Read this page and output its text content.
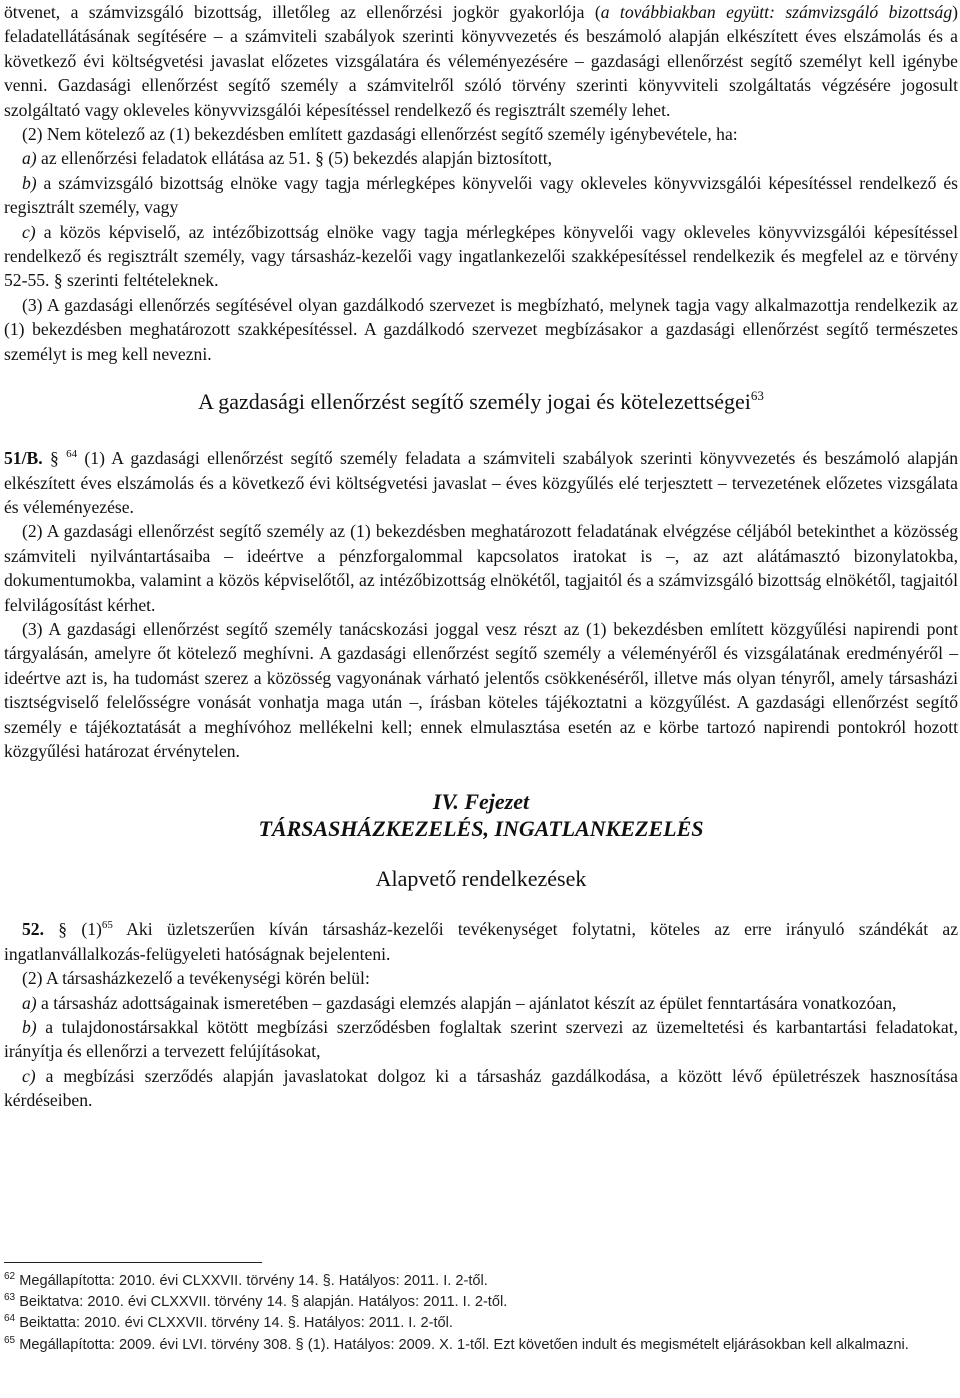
ötvenet, a számvizsgáló bizottság, illetőleg az ellenőrzési jogkör gyakorlója (a továbbiakban együtt: számvizsgáló bizottság) feladatellátásának segítésére – a számviteli szabályok szerinti könyvvezetés és beszámoló alapján elkészített éves elszámolás és a következő évi költségvetési javaslat előzetes vizsgálatára és véleményezésére – gazdasági ellenőrzést segítő személyt kell igénybe venni. Gazdasági ellenőrzést segítő személy a számvitelről szóló törvény szerinti könyvviteli szolgáltatás végzésére jogosult szolgáltató vagy okleveles könyvvizsgálói képesítéssel rendelkező és regisztrált személy lehet.

(2) Nem kötelező az (1) bekezdésben említett gazdasági ellenőrzést segítő személy igénybevétele, ha:

a) az ellenőrzési feladatok ellátása az 51. § (5) bekezdés alapján biztosított,

b) a számvizsgáló bizottság elnöke vagy tagja mérlegképes könyvelői vagy okleveles könyvvizsgálói képesítéssel rendelkező és regisztrált személy, vagy

c) a közös képviselő, az intézőbizottság elnöke vagy tagja mérlegképes könyvelői vagy okleveles könyvvizsgálói képesítéssel rendelkező és regisztrált személy, vagy társasház-kezelői vagy ingatlankezelői szakképesítéssel rendelkezik és megfelel az e törvény 52-55. § szerinti feltételeknek.

(3) A gazdasági ellenőrzés segítésével olyan gazdálkodó szervezet is megbízható, melynek tagja vagy alkalmazottja rendelkezik az (1) bekezdésben meghatározott szakképesítéssel. A gazdálkodó szervezet megbízásakor a gazdasági ellenőrzést segítő természetes személyt is meg kell nevezni.

A gazdasági ellenőrzést segítő személy jogai és kötelezettségei$^{63}$

51/B. § $^{64}$ (1) A gazdasági ellenőrzést segítő személy feladata a számviteli szabályok szerinti könyvvezetés és beszámoló alapján elkészített éves elszámolás és a következő évi költségvetési javaslat – éves közgyűlés elé terjesztett – tervezetének előzetes vizsgálata és véleményezése.

(2) A gazdasági ellenőrzést segítő személy az (1) bekezdésben meghatározott feladatának elvégzése céljából betekinthet a közösség számviteli nyilvántartásaiba – ideértve a pénzforgalommal kapcsolatos iratokat is –, az azt alátámasztó bizonylatokba, dokumentumokba, valamint a közös képviselőtől, az intézőbizottság elnökétől, tagjaitól és a számvizsgáló bizottság elnökétől, tagjaitól felvilágosítást kérhet.

(3) A gazdasági ellenőrzést segítő személy tanácskozási joggal vesz részt az (1) bekezdésben említett közgyűlési napirendi pont tárgyalásán, amelyre őt kötelező meghívni. A gazdasági ellenőrzést segítő személy a véleményéről és vizsgálatának eredményéről – ideértve azt is, ha tudomást szerez a közösség vagyonának várható jelentős csökkenéséről, illetve más olyan tényről, amely társasházi tisztségviselő felelősségre vonását vonhatja maga után –, írásban köteles tájékoztatni a közgyűlést. A gazdasági ellenőrzést segítő személy e tájékoztatását a meghívóhoz mellékelni kell; ennek elmulasztása esetén az e körbe tartozó napirendi pontokról hozott közgyűlési határozat érvénytelen.

IV. Fejezet
TÁRSASHÁZKEZELÉS, INGATLANKEZELÉS
Alapvető rendelkezések

52. § $(1)^{65}$ Aki üzletszerűen kíván társasház-kezelői tevékenységet folytatni, köteles az erre irányuló szándékát az ingatlanvállalkozás-felügyeleti hatóságnak bejelenteni.

(2) A társasházkezelő a tevékenységi körén belül:

a) a társasház adottságainak ismeretében – gazdasági elemzés alapján – ajánlatot készít az épület fenntartására vonatkozóan,

b) a tulajdonostársakkal kötött megbízási szerződésben foglaltak szerint szervezi az üzemeltetési és karbantartási feladatokat, irányítja és ellenőrzi a tervezett felújításokat,

c) a megbízási szerződés alapján javaslatokat dolgoz ki a társasház gazdálkodása, a között lévő épületrészek hasznosítása kérdéseiben.

$^{62}$ Megállapította: 2010. évi CLXXVII. törvény 14. §. Hatályos: 2011. I. 2-től.
$^{63}$ Beiktatva: 2010. évi CLXXVII. törvény 14. § alapján. Hatályos: 2011. I. 2-től.
$^{64}$ Beiktatta: 2010. évi CLXXVII. törvény 14. §. Hatályos: 2011. I. 2-től.
$^{65}$ Megállapította: 2009. évi LVI. törvény 308. § (1). Hatályos: 2009. X. 1-től. Ezt követően indult és megismételt eljárásokban kell alkalmazni.
